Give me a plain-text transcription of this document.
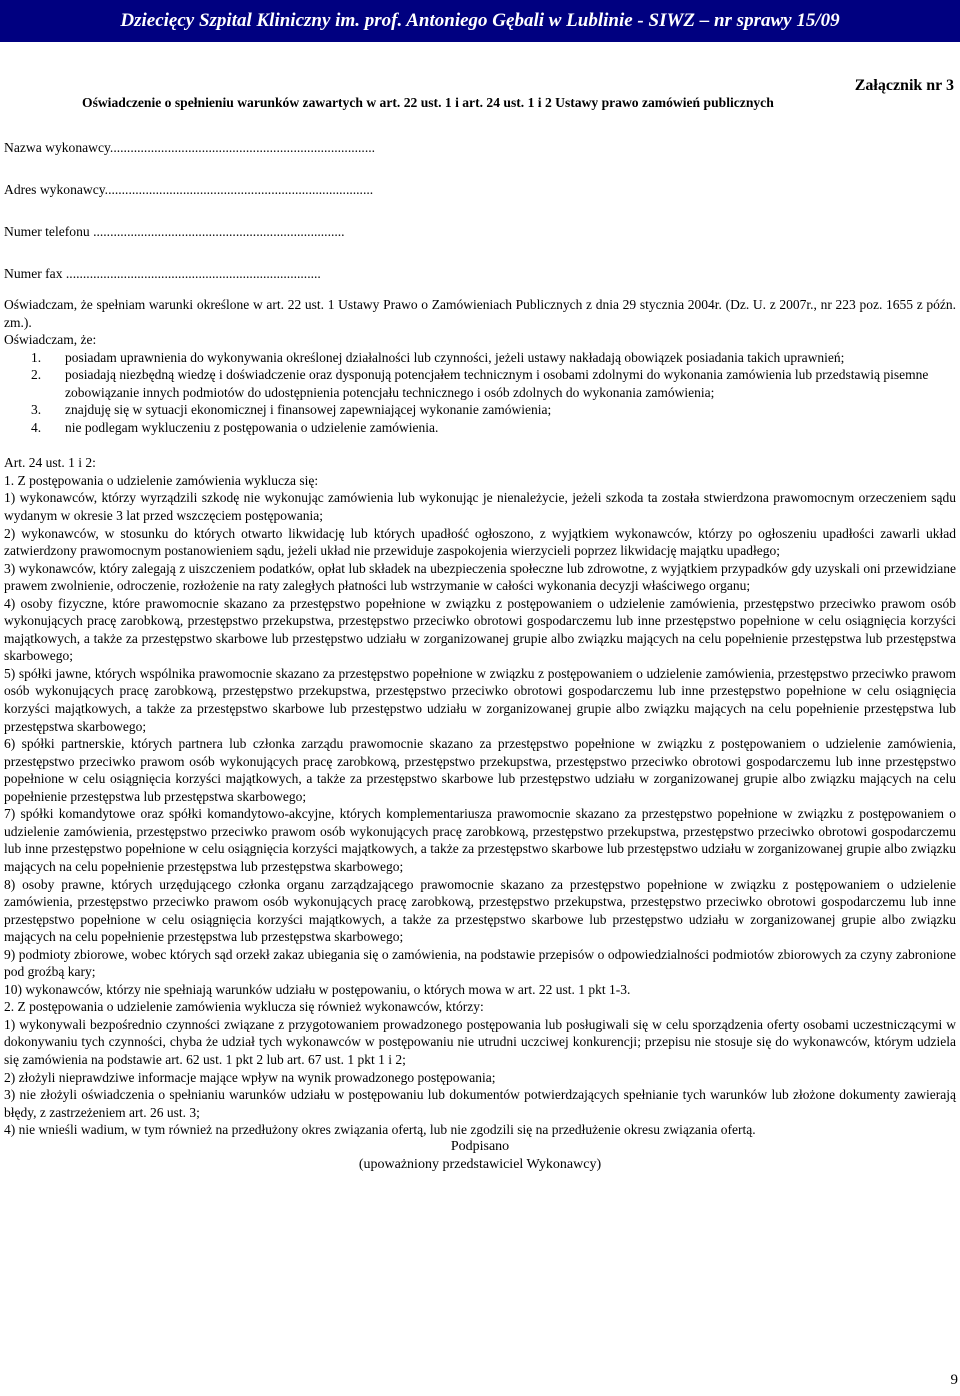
Dziecięcy Szpital Kliniczny im. prof. Antoniego Gębali w Lublinie - SIWZ – nr sprawy 15/09
Załącznik nr 3
Oświadczenie o spełnieniu warunków zawartych w art. 22 ust. 1 i art. 24 ust. 1 i 2 Ustawy prawo zamówień publicznych
Nazwa wykonawcy..............................................................................
Adres wykonawcy...............................................................................
Numer telefonu ..........................................................................
Numer fax ...........................................................................

Oświadczam, że spełniam warunki określone w art. 22 ust. 1 Ustawy Prawo o Zamówieniach Publicznych z dnia 29 stycznia 2004r. (Dz. U. z 2007r., nr 223 poz. 1655 z późn. zm.).

Oświadczam, że:

1.	posiadam uprawnienia do wykonywania określonej działalności lub czynności, jeżeli ustawy nakładają obowiązek posiadania takich uprawnień;
2.	posiadają niezbędną wiedzę i doświadczenie oraz dysponują potencjałem technicznym i osobami zdolnymi do wykonania zamówienia lub przedstawią pisemne zobowiązanie innych podmiotów do udostępnienia potencjału technicznego i osób zdolnych do wykonania zamówienia;
3.	znajduję się w sytuacji ekonomicznej i finansowej zapewniającej wykonanie zamówienia;
4.	nie podlegam wykluczeniu z postępowania o udzielenie zamówienia.

Art. 24 ust. 1 i 2:

1. Z postępowania o udzielenie zamówienia wyklucza się:

1) wykonawców, którzy wyrządzili szkodę nie wykonując zamówienia lub wykonując je nienależycie, jeżeli szkoda ta została stwierdzona prawomocnym orzeczeniem sądu wydanym w okresie 3 lat przed wszczęciem postępowania;

2) wykonawców, w stosunku do których otwarto likwidację lub których upadłość ogłoszono, z wyjątkiem wykonawców, którzy po ogłoszeniu upadłości zawarli układ zatwierdzony prawomocnym postanowieniem sądu, jeżeli układ nie przewiduje zaspokojenia wierzycieli poprzez likwidację majątku upadłego;

3) wykonawców, który zalegają z uiszczeniem podatków, opłat lub składek na ubezpieczenia społeczne lub zdrowotne, z wyjątkiem przypadków gdy uzyskali oni przewidziane prawem zwolnienie, odroczenie, rozłożenie na raty zaległych płatności lub wstrzymanie w całości wykonania decyzji właściwego organu;

4) osoby fizyczne, które prawomocnie skazano za przestępstwo popełnione w związku z postępowaniem o udzielenie zamówienia, przestępstwo przeciwko prawom osób wykonujących pracę zarobkową, przestępstwo przekupstwa, przestępstwo przeciwko obrotowi gospodarczemu lub inne przestępstwo popełnione w celu osiągnięcia korzyści majątkowych, a także za przestępstwo skarbowe lub przestępstwo udziału w zorganizowanej grupie albo związku mających na celu popełnienie przestępstwa lub przestępstwa skarbowego;

5) spółki jawne, których wspólnika prawomocnie skazano za przestępstwo popełnione w związku z postępowaniem o udzielenie zamówienia, przestępstwo przeciwko prawom osób wykonujących pracę zarobkową, przestępstwo przekupstwa, przestępstwo przeciwko obrotowi gospodarczemu lub inne przestępstwo popełnione w celu osiągnięcia korzyści majątkowych, a także za przestępstwo skarbowe lub przestępstwo udziału w zorganizowanej grupie albo związku mających na celu popełnienie przestępstwa lub przestępstwa skarbowego;

6) spółki partnerskie, których partnera lub członka zarządu prawomocnie skazano za przestępstwo popełnione w związku z postępowaniem o udzielenie zamówienia, przestępstwo przeciwko prawom osób wykonujących pracę zarobkową, przestępstwo przekupstwa, przestępstwo przeciwko obrotowi gospodarczemu lub inne przestępstwo popełnione w celu osiągnięcia korzyści majątkowych, a także za przestępstwo skarbowe lub przestępstwo udziału w zorganizowanej grupie albo związku mających na celu popełnienie przestępstwa lub przestępstwa skarbowego;

7) spółki komandytowe oraz spółki komandytowo-akcyjne, których komplementariusza prawomocnie skazano za przestępstwo popełnione w związku z postępowaniem o udzielenie zamówienia, przestępstwo przeciwko prawom osób wykonujących pracę zarobkową, przestępstwo przekupstwa, przestępstwo przeciwko obrotowi gospodarczemu lub inne przestępstwo popełnione w celu osiągnięcia korzyści majątkowych, a także za przestępstwo skarbowe lub przestępstwo udziału w zorganizowanej grupie albo związku mających na celu popełnienie przestępstwa lub przestępstwa skarbowego;

8) osoby prawne, których urzędującego członka organu zarządzającego prawomocnie skazano za przestępstwo popełnione w związku z postępowaniem o udzielenie zamówienia, przestępstwo przeciwko prawom osób wykonujących pracę zarobkową, przestępstwo przekupstwa, przestępstwo przeciwko obrotowi gospodarczemu lub inne przestępstwo popełnione w celu osiągnięcia korzyści majątkowych, a także za przestępstwo skarbowe lub przestępstwo udziału w zorganizowanej grupie albo związku mających na celu popełnienie przestępstwa lub przestępstwa skarbowego;

9) podmioty zbiorowe, wobec których sąd orzekł zakaz ubiegania się o zamówienia, na podstawie przepisów o odpowiedzialności podmiotów zbiorowych za czyny zabronione pod groźbą kary;

10) wykonawców, którzy nie spełniają warunków udziału w postępowaniu, o których mowa w art. 22 ust. 1 pkt 1-3.

2. Z postępowania o udzielenie zamówienia wyklucza się również wykonawców, którzy:

1) wykonywali bezpośrednio czynności związane z przygotowaniem prowadzonego postępowania lub posługiwali się w celu sporządzenia oferty osobami uczestniczącymi w dokonywaniu tych czynności, chyba że udział tych wykonawców w postępowaniu nie utrudni uczciwej konkurencji; przepisu nie stosuje się do wykonawców, którym udziela się zamówienia na podstawie art. 62 ust. 1 pkt 2 lub art. 67 ust. 1 pkt 1 i 2;

2) złożyli nieprawdziwe informacje mające wpływ na wynik prowadzonego postępowania;

3) nie złożyli oświadczenia o spełnianiu warunków udziału w postępowaniu lub dokumentów potwierdzających spełnianie tych warunków lub złożone dokumenty zawierają błędy, z zastrzeżeniem art. 26 ust. 3;

4) nie wnieśli wadium, w tym również na przedłużony okres związania ofertą, lub nie zgodzili się na przedłużenie okresu związania ofertą.

Podpisano
(upoważniony przedstawiciel Wykonawcy)
9
